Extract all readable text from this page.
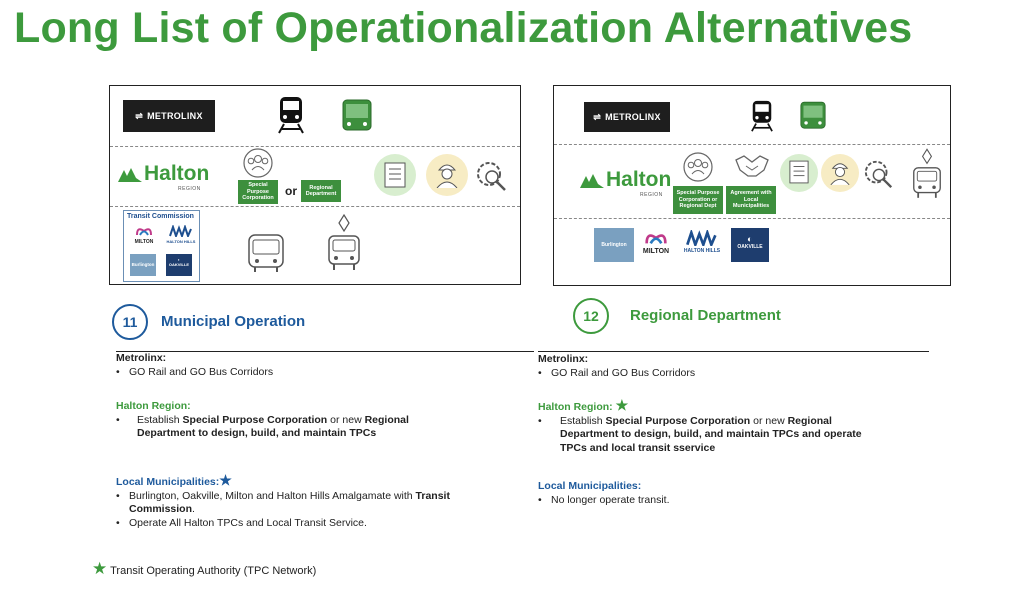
Long List of Operationalization Alternatives
⇌ METROLINX
Halton
REGION
Special Purpose Corporation
or	Regional Department
Transit Commission
MILTON	HALTON HILLS
Burlington
◐
OAKVILLE
11	Municipal Operation
Metrolinx:
• GO Rail and GO Bus Corridors
Halton Region:
• Establish Special Purpose Corporation or new Regional
Department to design, build, and maintain TPCs
Local Municipalities:★
• Burlington, Oakville, Milton and Halton Hills Amalgamate with Transit
Commission.
• Operate All Halton TPCs and Local Transit Service.
⇌ METROLINX
Halton
REGION	Special Purpose Corporation or Regional Dept
Agreement with Local Municipalities
Burlington
MILTON	HALTON HILLS
◐
OAKVILLE
12	Regional Department
Metrolinx:
• GO Rail and GO Bus Corridors
Halton Region: ★
• Establish Special Purpose Corporation or new Regional
Department to design, build, and maintain TPCs and operate
TPCs and local transit sservice
Local Municipalities:
• No longer operate transit.
★ Transit Operating Authority (TPC Network)
